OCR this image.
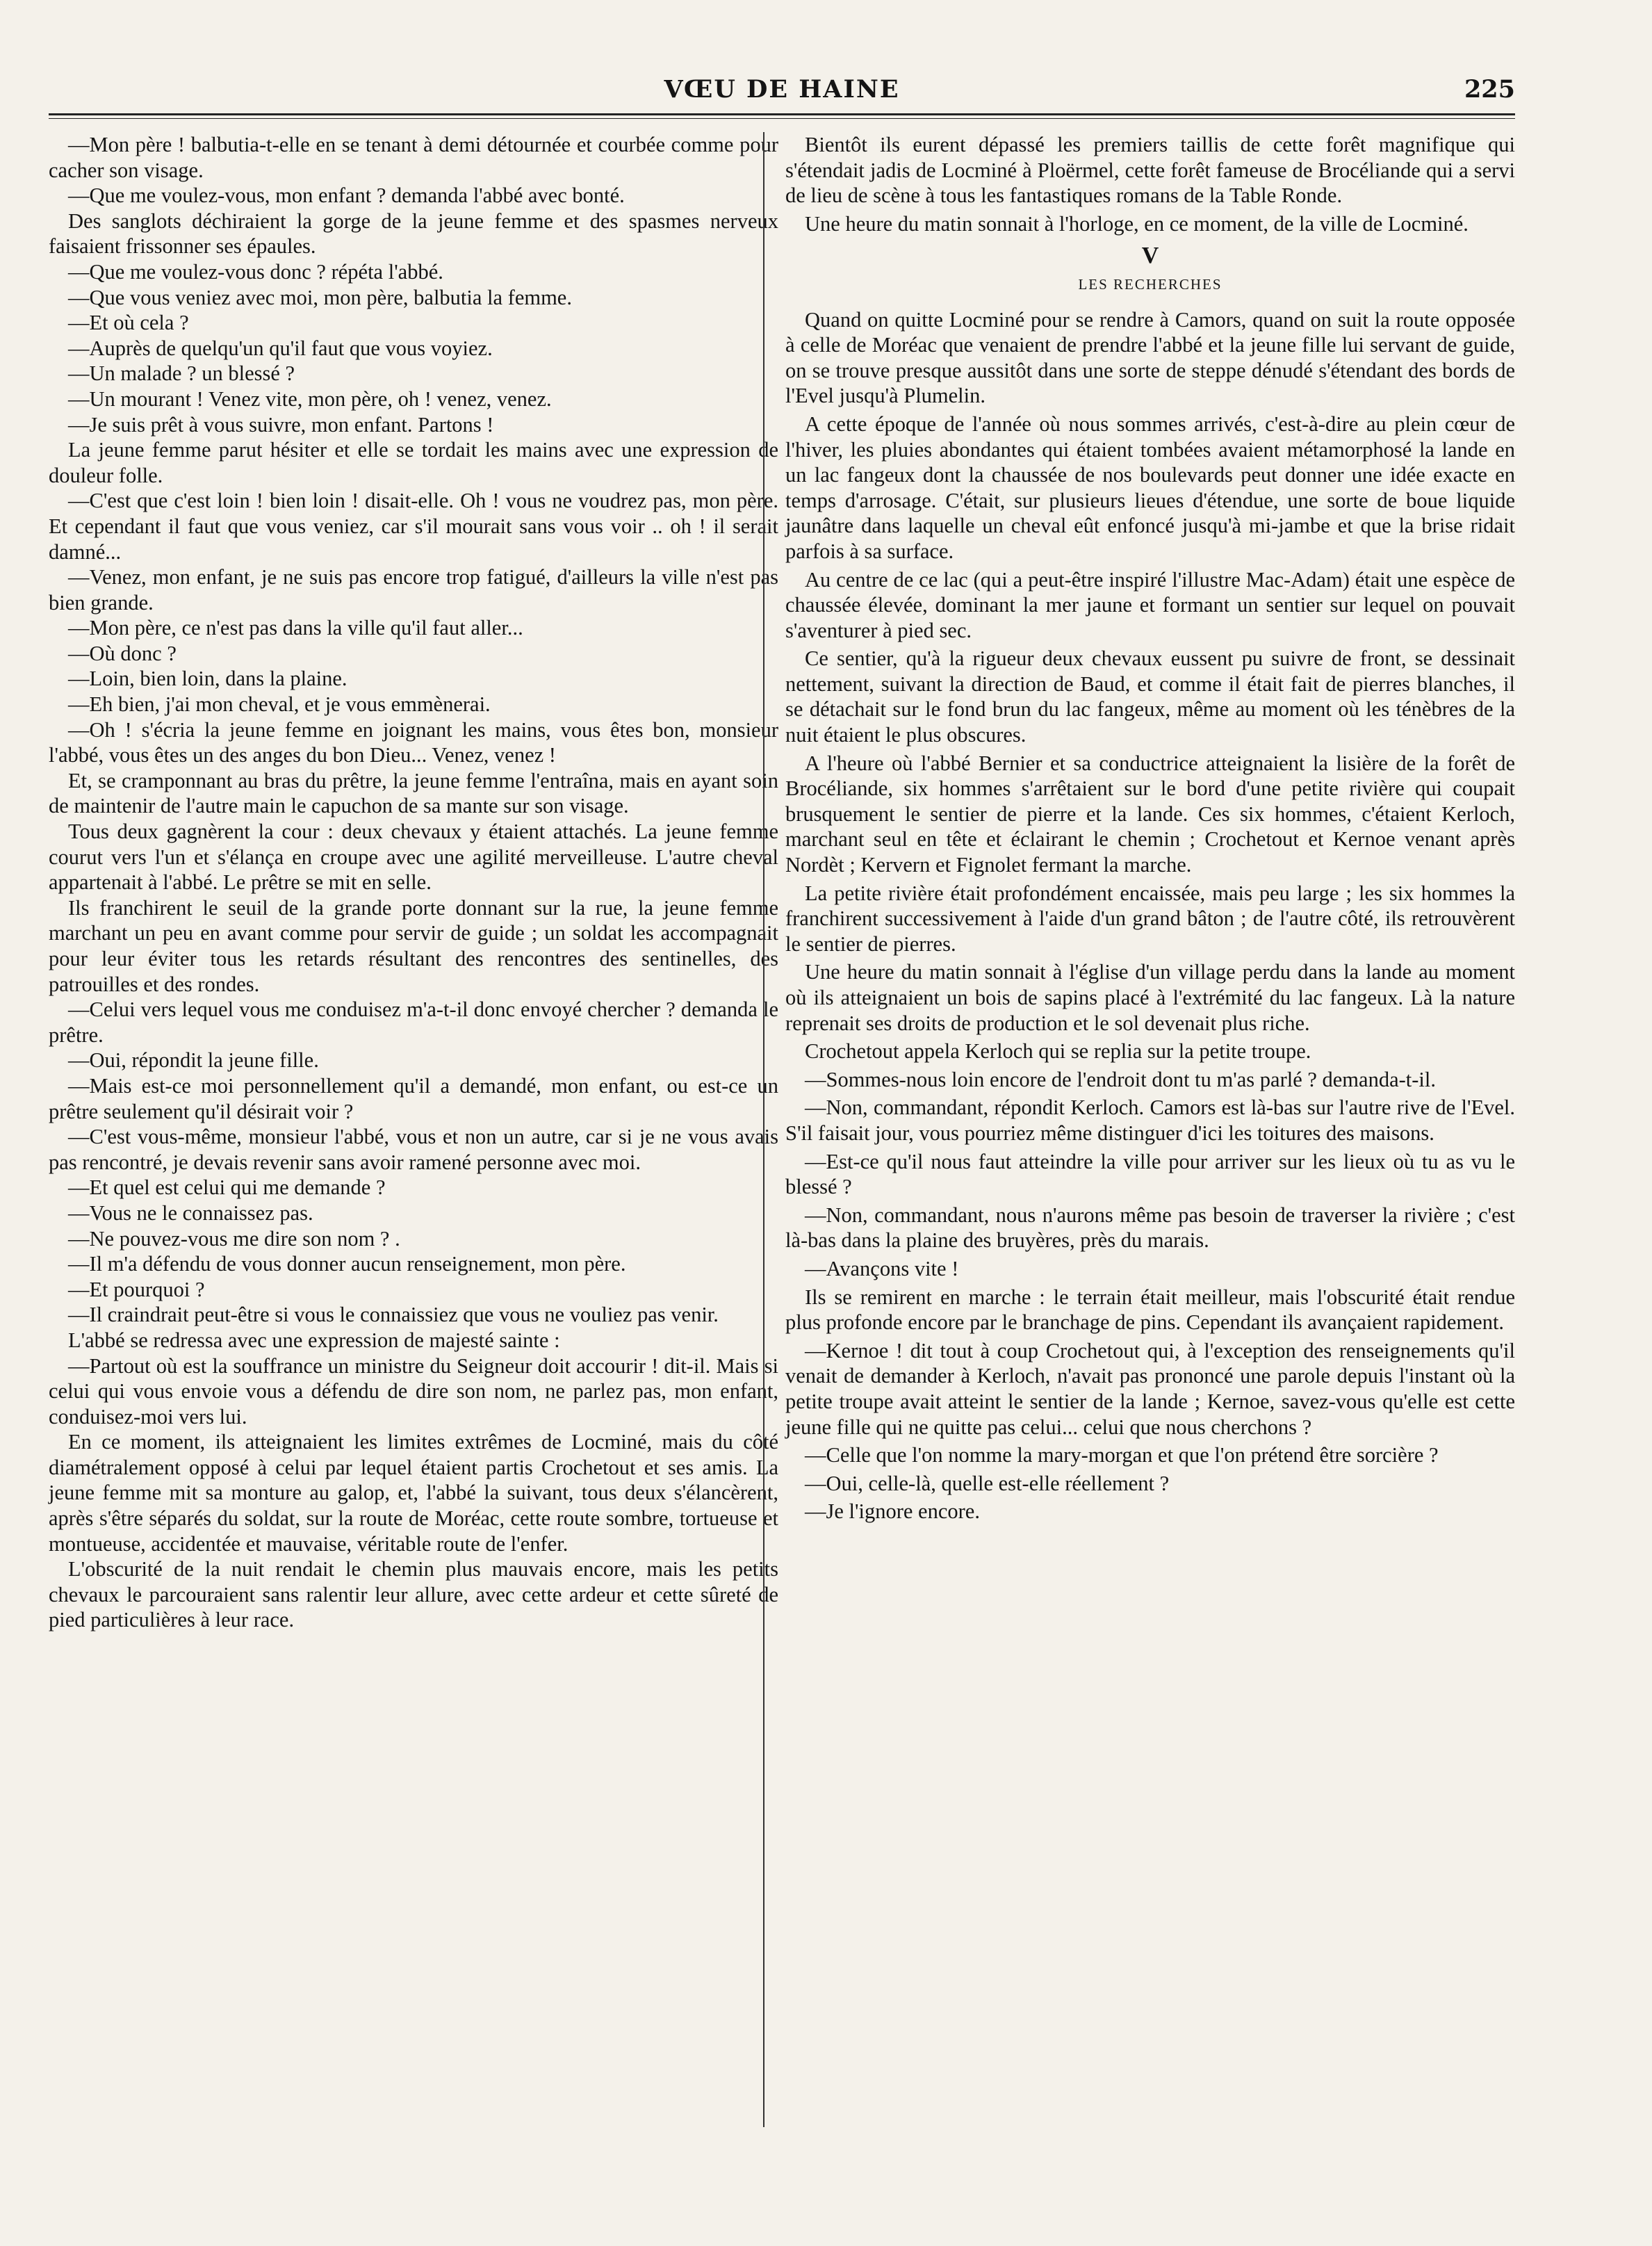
VŒU DE HAINE	225

—Mon père ! balbutia-t-elle en se tenant à demi détournée et courbée comme pour cacher son visage.

—Que me voulez-vous, mon enfant ? demanda l'abbé avec bonté.

Des sanglots déchiraient la gorge de la jeune femme et des spasmes nerveux faisaient frissonner ses épaules.

—Que me voulez-vous donc ? répéta l'abbé.

—Que vous veniez avec moi, mon père, balbutia la femme.

—Et où cela ?

—Auprès de quelqu'un qu'il faut que vous voyiez.

—Un malade ? un blessé ?

—Un mourant ! Venez vite, mon père, oh ! venez, venez.

—Je suis prêt à vous suivre, mon enfant. Partons !

La jeune femme parut hésiter et elle se tordait les mains avec une expression de douleur folle.

—C'est que c'est loin ! bien loin ! disait-elle. Oh ! vous ne voudrez pas, mon père. Et cependant il faut que vous veniez, car s'il mourait sans vous voir .. oh ! il serait damné...

—Venez, mon enfant, je ne suis pas encore trop fatigué, d'ailleurs la ville n'est pas bien grande.

—Mon père, ce n'est pas dans la ville qu'il faut aller...

—Où donc ?

—Loin, bien loin, dans la plaine.

—Eh bien, j'ai mon cheval, et je vous emmènerai.

—Oh ! s'écria la jeune femme en joignant les mains, vous êtes bon, monsieur l'abbé, vous êtes un des anges du bon Dieu... Venez, venez !

Et, se cramponnant au bras du prêtre, la jeune femme l'entraîna, mais en ayant soin de maintenir de l'autre main le capuchon de sa mante sur son visage.

Tous deux gagnèrent la cour : deux chevaux y étaient attachés. La jeune femme courut vers l'un et s'élança en croupe avec une agilité merveilleuse. L'autre cheval appartenait à l'abbé. Le prêtre se mit en selle.

Ils franchirent le seuil de la grande porte donnant sur la rue, la jeune femme marchant un peu en avant comme pour servir de guide ; un soldat les accompagnait pour leur éviter tous les retards résultant des rencontres des sentinelles, des patrouilles et des rondes.

—Celui vers lequel vous me conduisez m'a-t-il donc envoyé chercher ? demanda le prêtre.

—Oui, répondit la jeune fille.

—Mais est-ce moi personnellement qu'il a demandé, mon enfant, ou est-ce un prêtre seulement qu'il désirait voir ?

—C'est vous-même, monsieur l'abbé, vous et non un autre, car si je ne vous avais pas rencontré, je devais revenir sans avoir ramené personne avec moi.

—Et quel est celui qui me demande ?

—Vous ne le connaissez pas.

—Ne pouvez-vous me dire son nom ? .

—Il m'a défendu de vous donner aucun renseignement, mon père.

—Et pourquoi ?

—Il craindrait peut-être si vous le connaissiez que vous ne vouliez pas venir.

L'abbé se redressa avec une expression de majesté sainte :

—Partout où est la souffrance un ministre du Seigneur doit accourir ! dit-il. Mais si celui qui vous envoie vous a défendu de dire son nom, ne parlez pas, mon enfant, conduisez-moi vers lui.

En ce moment, ils atteignaient les limites extrêmes de Locminé, mais du côté diamétralement opposé à celui par lequel étaient partis Crochetout et ses amis. La jeune femme mit sa monture au galop, et, l'abbé la suivant, tous deux s'élancèrent, après s'être séparés du soldat, sur la route de Moréac, cette route sombre, tortueuse et montueuse, accidentée et mauvaise, véritable route de l'enfer.

L'obscurité de la nuit rendait le chemin plus mauvais encore, mais les petits chevaux le parcouraient sans ralentir leur allure, avec cette ardeur et cette sûreté de pied particulières à leur race.

Bientôt ils eurent dépassé les premiers taillis de cette forêt magnifique qui s'étendait jadis de Locminé à Ploërmel, cette forêt fameuse de Brocéliande qui a servi de lieu de scène à tous les fantastiques romans de la Table Ronde.

Une heure du matin sonnait à l'horloge, en ce moment, de la ville de Locminé.

V
LES RECHERCHES

Quand on quitte Locminé pour se rendre à Camors, quand on suit la route opposée à celle de Moréac que venaient de prendre l'abbé et la jeune fille lui servant de guide, on se trouve presque aussitôt dans une sorte de steppe dénudé s'étendant des bords de l'Evel jusqu'à Plumelin.

A cette époque de l'année où nous sommes arrivés, c'est-à-dire au plein cœur de l'hiver, les pluies abondantes qui étaient tombées avaient métamorphosé la lande en un lac fangeux dont la chaussée de nos boulevards peut donner une idée exacte en temps d'arrosage. C'était, sur plusieurs lieues d'étendue, une sorte de boue liquide jaunâtre dans laquelle un cheval eût enfoncé jusqu'à mi-jambe et que la brise ridait parfois à sa surface.

Au centre de ce lac (qui a peut-être inspiré l'illustre Mac-Adam) était une espèce de chaussée élevée, dominant la mer jaune et formant un sentier sur lequel on pouvait s'aventurer à pied sec.

Ce sentier, qu'à la rigueur deux chevaux eussent pu suivre de front, se dessinait nettement, suivant la direction de Baud, et comme il était fait de pierres blanches, il se détachait sur le fond brun du lac fangeux, même au moment où les ténèbres de la nuit étaient le plus obscures.

A l'heure où l'abbé Bernier et sa conductrice atteignaient la lisière de la forêt de Brocéliande, six hommes s'arrêtaient sur le bord d'une petite rivière qui coupait brusquement le sentier de pierre et la lande. Ces six hommes, c'étaient Kerloch, marchant seul en tête et éclairant le chemin ; Crochetout et Kernoe venant après Nordèt ; Kervern et Fignolet fermant la marche.

La petite rivière était profondément encaissée, mais peu large ; les six hommes la franchirent successivement à l'aide d'un grand bâton ; de l'autre côté, ils retrouvèrent le sentier de pierres.

Une heure du matin sonnait à l'église d'un village perdu dans la lande au moment où ils atteignaient un bois de sapins placé à l'extrémité du lac fangeux. Là la nature reprenait ses droits de production et le sol devenait plus riche.

Crochetout appela Kerloch qui se replia sur la petite troupe.

—Sommes-nous loin encore de l'endroit dont tu m'as parlé ? demanda-t-il.

—Non, commandant, répondit Kerloch. Camors est là-bas sur l'autre rive de l'Evel. S'il faisait jour, vous pourriez même distinguer d'ici les toitures des maisons.

—Est-ce qu'il nous faut atteindre la ville pour arriver sur les lieux où tu as vu le blessé ?

—Non, commandant, nous n'aurons même pas besoin de traverser la rivière ; c'est là-bas dans la plaine des bruyères, près du marais.

—Avançons vite !

Ils se remirent en marche : le terrain était meilleur, mais l'obscurité était rendue plus profonde encore par le branchage de pins. Cependant ils avançaient rapidement.

—Kernoe ! dit tout à coup Crochetout qui, à l'exception des renseignements qu'il venait de demander à Kerloch, n'avait pas prononcé une parole depuis l'instant où la petite troupe avait atteint le sentier de la lande ; Kernoe, savez-vous qu'elle est cette jeune fille qui ne quitte pas celui... celui que nous cherchons ?

—Celle que l'on nomme la mary-morgan et que l'on prétend être sorcière ?

—Oui, celle-là, quelle est-elle réellement ?

—Je l'ignore encore.
